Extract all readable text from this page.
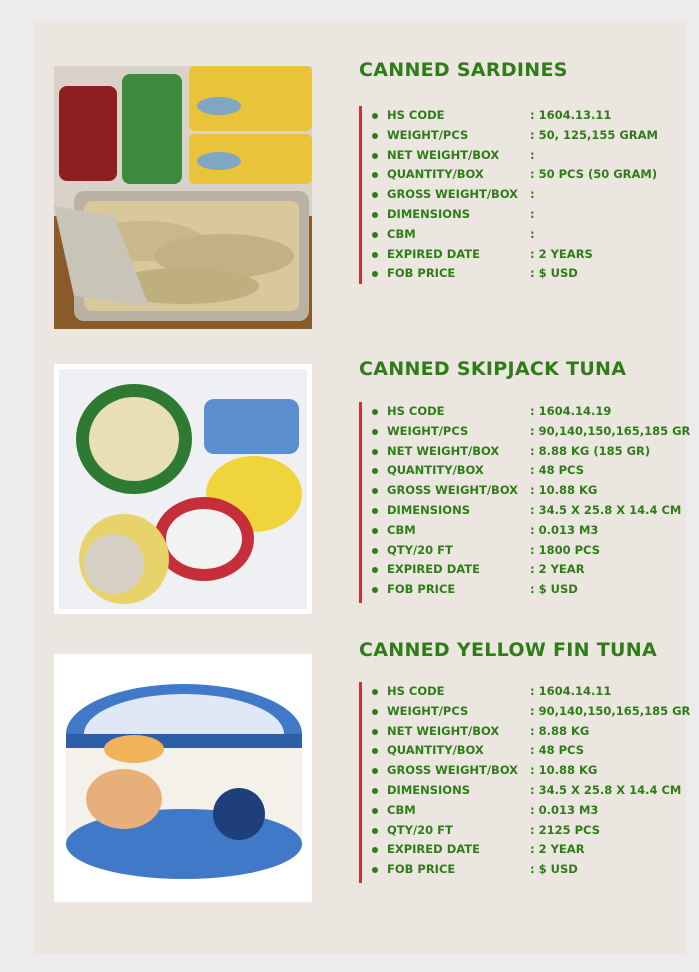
CANNED SARDINES
HS CODE	: 1604.13.11
WEIGHT/PCS	: 50, 125,155 GRAM
NET WEIGHT/BOX	:
QUANTITY/BOX	: 50 PCS (50 GRAM)
GROSS WEIGHT/BOX :
DIMENSIONS	:
CBM	:
EXPIRED DATE	: 2 YEARS
FOB PRICE	: $ USD
CANNED SKIPJACK TUNA
HS CODE	: 1604.14.19
WEIGHT/PCS	: 90,140,150,165,185 GR
NET WEIGHT/BOX	: 8.88 KG (185 GR)
QUANTITY/BOX	: 48 PCS
GROSS WEIGHT/BOX : 10.88 KG
DIMENSIONS	: 34.5 X 25.8 X 14.4 CM
CBM	: 0.013 M3
QTY/20 FT	: 1800 PCS
EXPIRED DATE	: 2 YEAR
FOB PRICE	: $ USD
CANNED YELLOW FIN TUNA
HS CODE	: 1604.14.11
WEIGHT/PCS	: 90,140,150,165,185 GR
NET WEIGHT/BOX	: 8.88 KG
QUANTITY/BOX	: 48 PCS
GROSS WEIGHT/BOX : 10.88 KG
DIMENSIONS	: 34.5 X 25.8 X 14.4 CM
CBM	: 0.013 M3
QTY/20 FT	: 2125 PCS
EXPIRED DATE	: 2 YEAR
FOB PRICE	: $ USD
